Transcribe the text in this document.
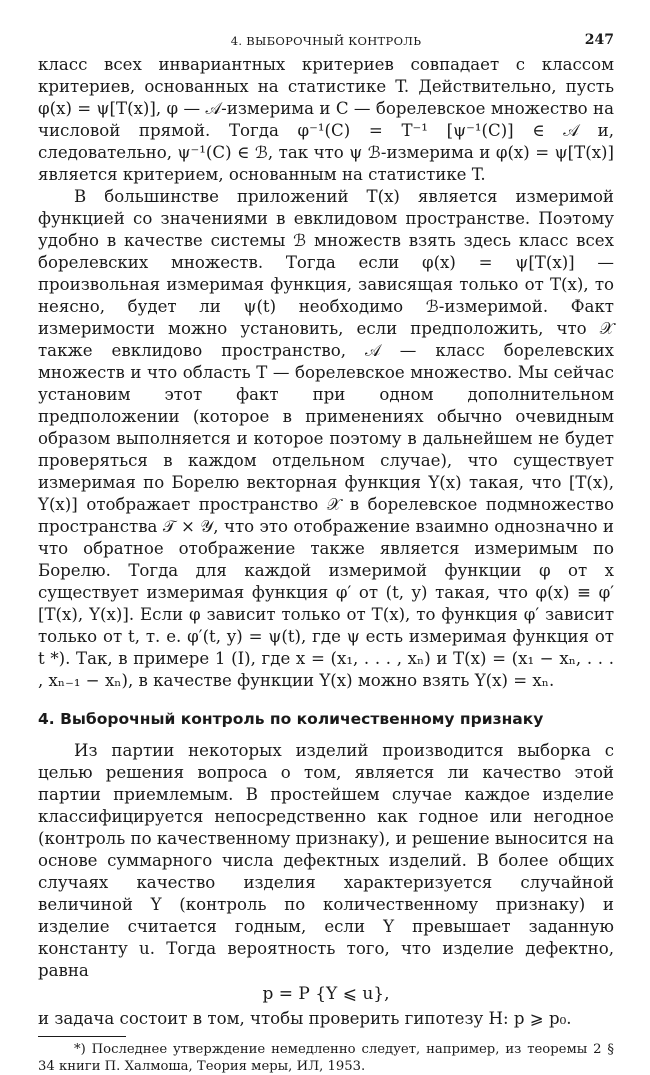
4. ВЫБОРОЧНЫЙ КОНТРОЛЬ	247

класс всех инвариантных критериев совпадает с классом критериев, основанных на статистике T. Действительно, пусть φ(x) = ψ[T(x)], φ — 𝒜-измерима и C — борелевское множество на числовой прямой. Тогда φ⁻¹(C) = T⁻¹ [ψ⁻¹(C)] ∈ 𝒜 и, следовательно, ψ⁻¹(C) ∈ ℬ, так что ψ ℬ-измерима и φ(x) = ψ[T(x)] является критерием, основанным на статистике T.

В большинстве приложений T(x) является измеримой функцией со значениями в евклидовом пространстве. Поэтому удобно в качестве системы ℬ множеств взять здесь класс всех борелевских множеств. Тогда если φ(x) = ψ[T(x)] — произвольная измеримая функция, зависящая только от T(x), то неясно, будет ли ψ(t) необходимо ℬ-измеримой. Факт измеримости можно установить, если предположить, что 𝒳 также евклидово пространство, 𝒜 — класс борелевских множеств и что область T — борелевское множество. Мы сейчас установим этот факт при одном дополнительном предположении (которое в применениях обычно очевидным образом выполняется и которое поэтому в дальнейшем не будет проверяться в каждом отдельном случае), что существует измеримая по Борелю векторная функция Y(x) такая, что [T(x), Y(x)] отображает пространство 𝒳 в борелевское подмножество пространства 𝒯 × 𝒴, что это отображение взаимно однозначно и что обратное отображение также является измеримым по Борелю. Тогда для каждой измеримой функции φ от x существует измеримая функция φ′ от (t, y) такая, что φ(x) ≡ φ′[T(x), Y(x)]. Если φ зависит только от T(x), то функция φ′ зависит только от t, т. е. φ′(t, y) = ψ(t), где ψ есть измеримая функция от t *). Так, в примере 1 (I), где x = (x₁, . . . , xₙ) и T(x) = (x₁ − xₙ, . . . , xₙ₋₁ − xₙ), в качестве функции Y(x) можно взять Y(x) = xₙ.

4. Выборочный контроль по количественному признаку

Из партии некоторых изделий производится выборка с целью решения вопроса о том, является ли качество этой партии приемлемым. В простейшем случае каждое изделие классифицируется непосредственно как годное или негодное (контроль по качественному признаку), и решение выносится на основе суммарного числа дефектных изделий. В более общих случаях качество изделия характеризуется случайной величиной Y (контроль по количественному признаку) и изделие считается годным, если Y превышает заданную константу u. Тогда вероятность того, что изделие дефектно, равна

p = P {Y ⩽ u},

и задача состоит в том, чтобы проверить гипотезу H: p ⩾ p₀.

*) Последнее утверждение немедленно следует, например, из теоремы 2 § 34 книги П. Халмоша, Теория меры, ИЛ, 1953.
